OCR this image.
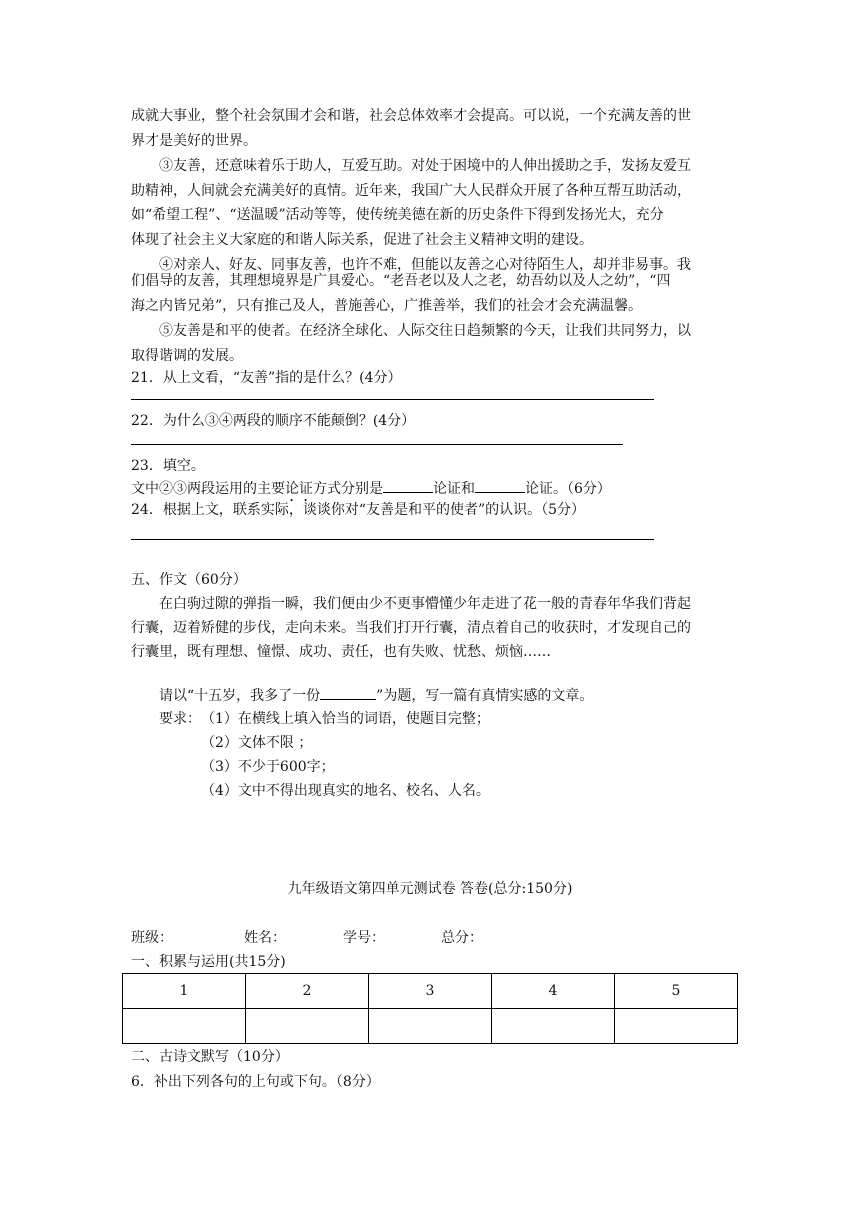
成就大事业，整个社会氛围才会和谐，社会总体效率才会提高。可以说，一个充满友善的世
界才是美好的世界。
③友善，还意味着乐于助人，互爱互助。对处于困境中的人伸出援助之手，发扬友爱互
助精神，人间就会充满美好的真情。近年来，我国广大人民群众开展了各种互帮互助活动，
如“希望工程”、“送温暖”活动等等，使传统美德在新的历史条件下得到发扬光大，充分
体现了社会主义大家庭的和谐人际关系，促进了社会主义精神文明的建设。
④对亲人、好友、同事友善，也许不难，但能以友善之心对待陌生人，却并非易事。我
们倡导的友善，其理想境界是广具爱心。“老吾老以及人之老，幼吾幼以及人之幼”，“四
海之内皆兄弟”，只有推己及人，普施善心，广推善举，我们的社会才会充满温馨。
⑤友善是和平的使者。在经济全球化、人际交往日趋频繁的今天，让我们共同努力，以
取得谐调的发展。
21．从上文看，“友善”指的是什么？(4分）
22．为什么③④两段的顺序不能颠倒？(4分）
23．填空。
文中②③两段运用的主要论证方式分别是	论证和	论证。（6分）
24．根据上文，联系实际，谈谈你对“友善是和平的使者”的认识。（5分）
五、作文（60分）
在白驹过隙的弹指一瞬，我们便由少不更事懵懂少年走进了花一般的青春年华我们背起
行囊，迈着矫健的步伐，走向未来。当我们打开行囊，清点着自己的收获时，才发现自己的
行囊里，既有理想、憧憬、成功、责任，也有失败、忧愁、烦恼……
请以“十五岁，我多了一份	”为题，写一篇有真情实感的文章。
要求： （1）在横线上填入恰当的词语，使题目完整；
（2）文体不限 ；
（3）不少于600字；
（4）文中不得出现真实的地名、校名、人名。
九年级语文第四单元测试卷 答卷(总分:150分)
班级：	姓名：	学号：	总分：
一、积累与运用(共15分)
1	2	3	4	5

二、古诗文默写（10分）
6．补出下列各句的上句或下句。（8分）
